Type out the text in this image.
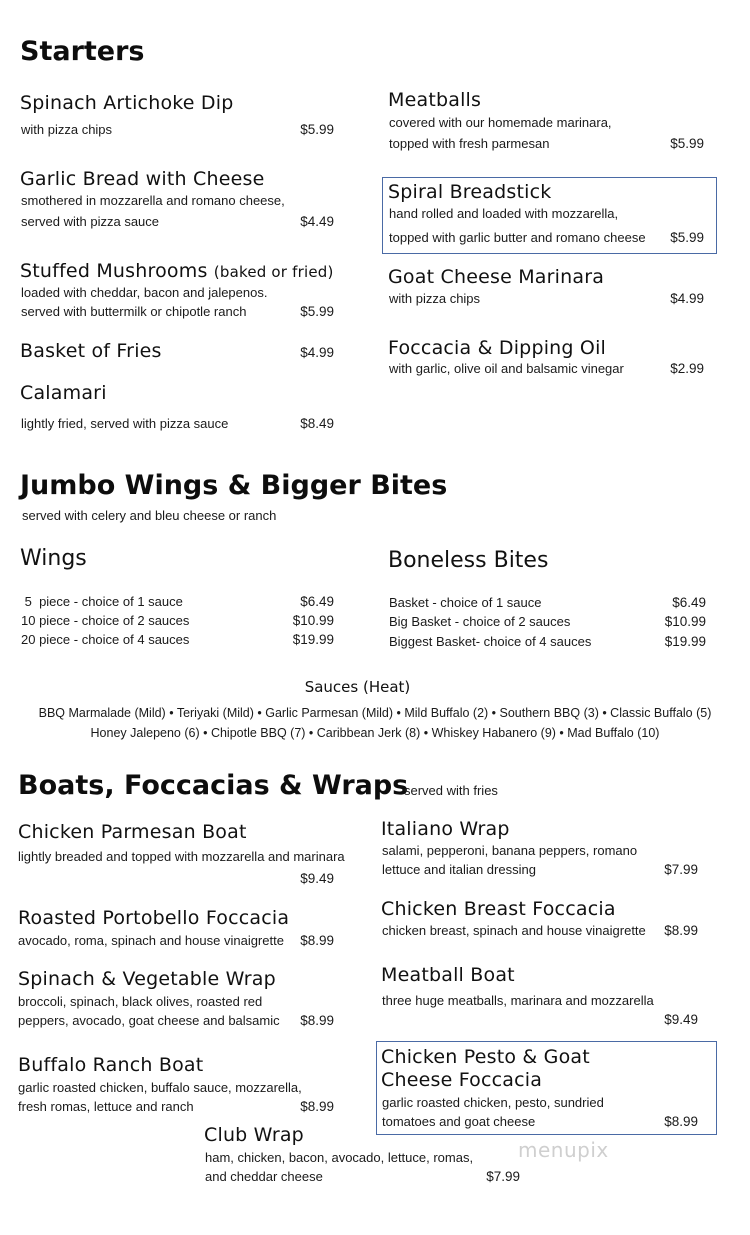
Starters
Spinach Artichoke Dip
with pizza chips	$5.99
Garlic Bread with Cheese
smothered in mozzarella and romano cheese,
served with pizza sauce	$4.49
Stuffed Mushrooms (baked or fried)
loaded with cheddar, bacon and jalepenos.
served with buttermilk or chipotle ranch	$5.99
Basket of Fries	$4.99
Calamari
lightly fried, served with pizza sauce	$8.49
Meatballs
covered with our homemade marinara,
topped with fresh parmesan	$5.99
Spiral Breadstick
hand rolled and loaded with mozzarella,
topped with garlic butter and romano cheese	$5.99
Goat Cheese Marinara
with pizza chips	$4.99
Foccacia & Dipping Oil
with garlic, olive oil and balsamic vinegar	$2.99
Jumbo Wings & Bigger Bites
served with celery and bleu cheese or ranch
Wings
5  piece - choice of 1 sauce	$6.49
10 piece - choice of 2 sauces	$10.99
20 piece - choice of 4 sauces	$19.99
Boneless Bites
Basket - choice of 1 sauce	$6.49
Big Basket - choice of 2 sauces	$10.99
Biggest Basket- choice of 4 sauces	$19.99
Sauces (Heat)
BBQ Marmalade (Mild) • Teriyaki (Mild) • Garlic Parmesan (Mild) • Mild Buffalo (2) • Southern BBQ (3) • Classic Buffalo (5)
Honey Jalepeno (6) • Chipotle BBQ (7) • Caribbean Jerk (8) • Whiskey Habanero (9) • Mad Buffalo (10)
Boats, Foccacias & Wraps
served with fries
Chicken Parmesan Boat
lightly breaded and topped with mozzarella and marinara
$9.49
Roasted Portobello Foccacia
avocado, roma, spinach and house vinaigrette	$8.99
Spinach & Vegetable Wrap
broccoli, spinach, black olives, roasted red
peppers, avocado, goat cheese and balsamic	$8.99
Buffalo Ranch Boat
garlic roasted chicken, buffalo sauce, mozzarella,
fresh romas, lettuce and ranch	$8.99
Italiano Wrap
salami, pepperoni, banana peppers, romano
lettuce and italian dressing	$7.99
Chicken Breast Foccacia
chicken breast, spinach and house vinaigrette	$8.99
Meatball Boat
three huge meatballs, marinara and mozzarella
$9.49
Chicken Pesto & Goat
Cheese Foccacia
garlic roasted chicken, pesto, sundried
tomatoes and goat cheese	$8.99
Club Wrap
ham, chicken, bacon, avocado, lettuce, romas,
and cheddar cheese	$7.99
menupix
